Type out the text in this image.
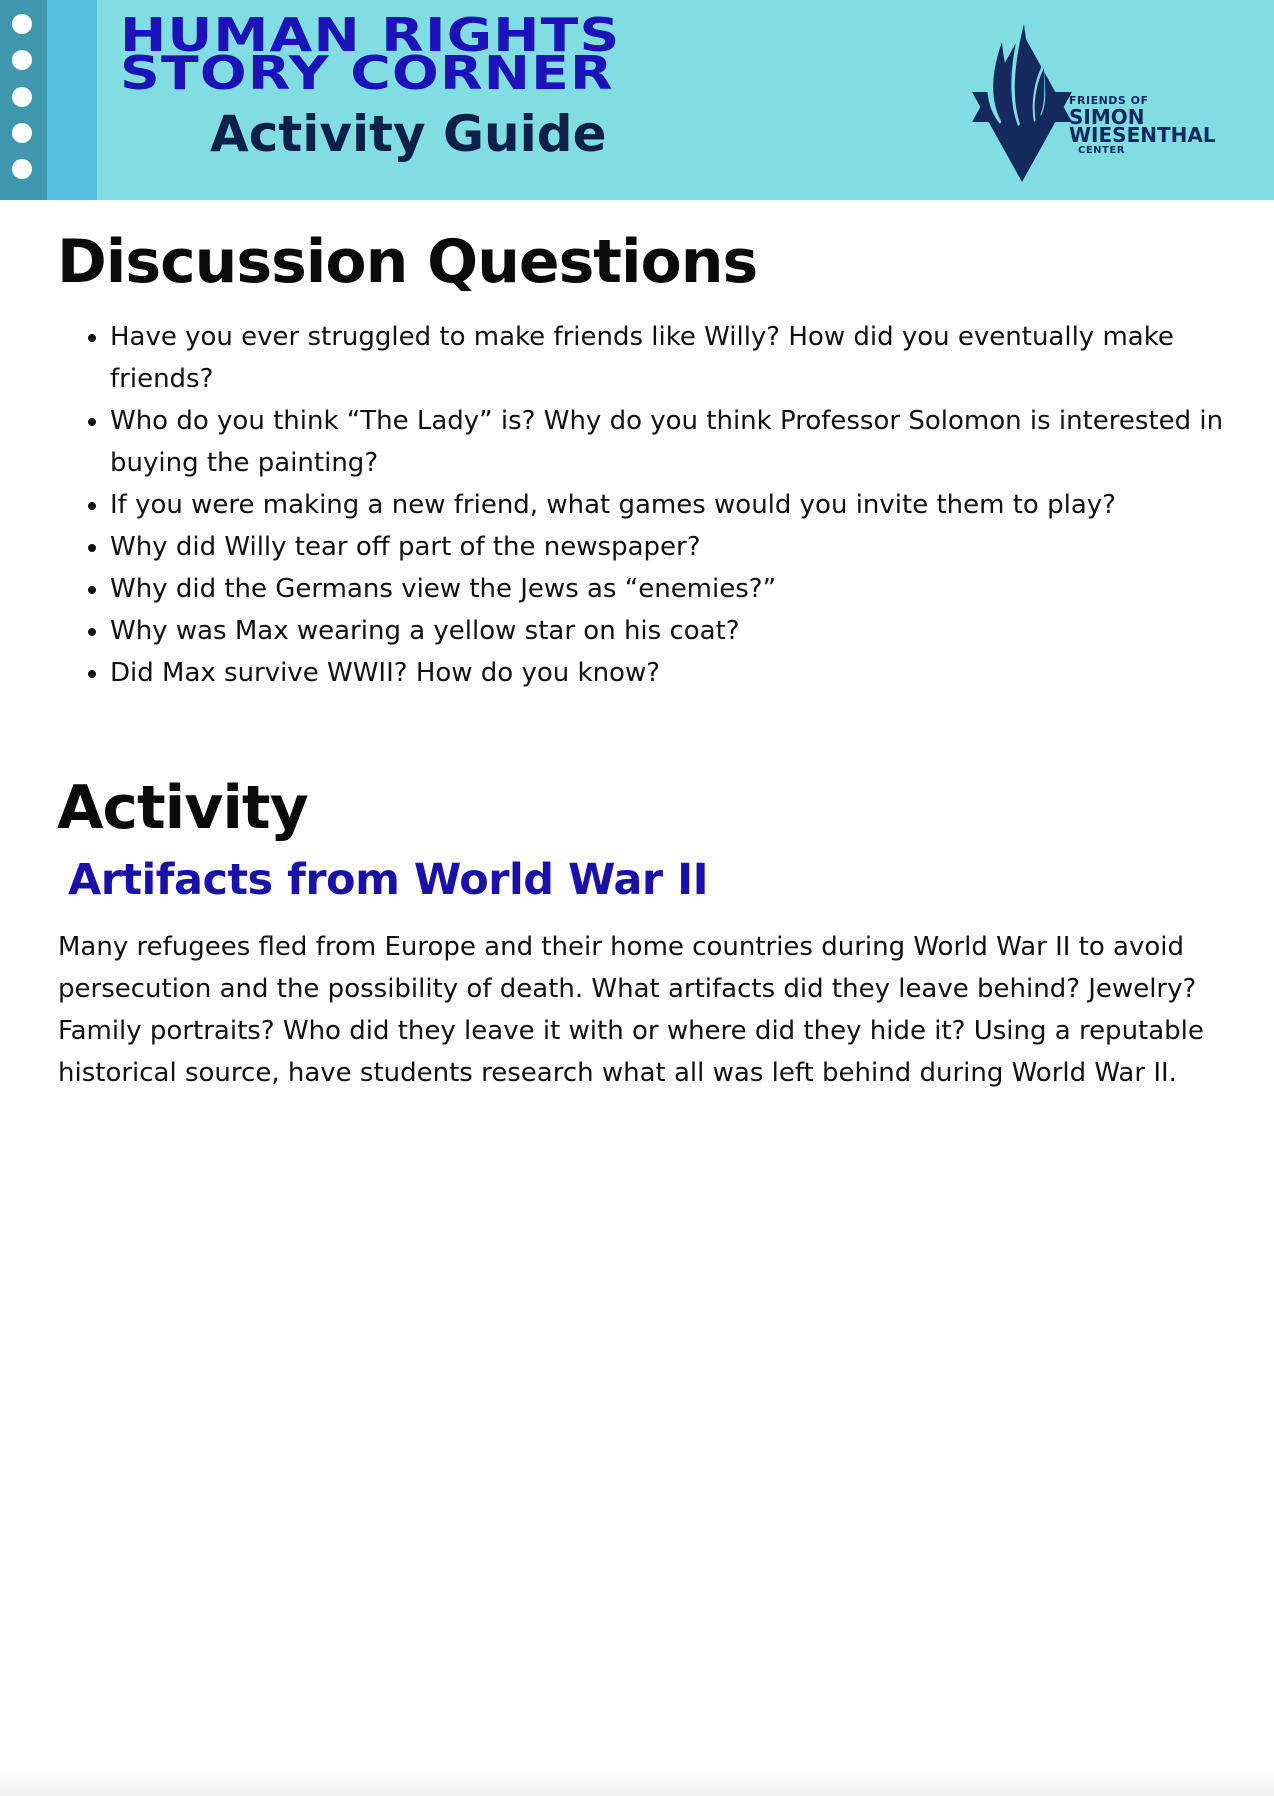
HUMAN RIGHTS
STORY CORNER
Activity Guide

FRIENDS OF

SIMON

WIESENTHAL

CENTER

Discussion Questions
• Have you ever struggled to make friends like Willy? How did you eventually make friends?
• Who do you think “The Lady” is? Why do you think Professor Solomon is interested in buying the painting?
• If you were making a new friend, what games would you invite them to play?
• Why did Willy tear off part of the newspaper?
• Why did the Germans view the Jews as “enemies?”
• Why was Max wearing a yellow star on his coat?
• Did Max survive WWII? How do you know?
Activity
Artifacts from World War II

Many refugees fled from Europe and their home countries during World War II to avoid persecution and the possibility of death. What artifacts did they leave behind? Jewelry? Family portraits? Who did they leave it with or where did they hide it? Using a reputable historical source, have students research what all was left behind during World War II.
